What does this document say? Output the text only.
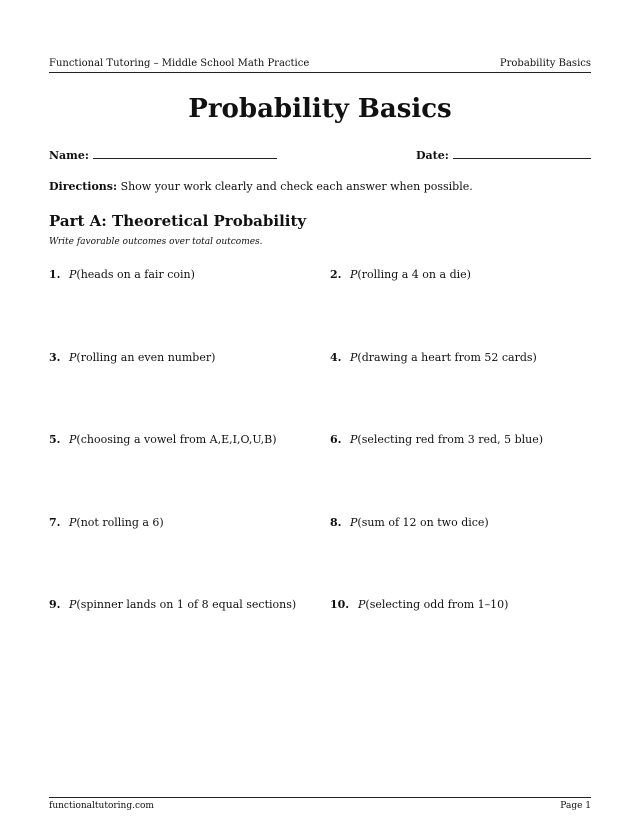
Functional Tutoring – Middle School Math Practice	Probability Basics
Probability Basics
Name:	Date:
Directions: Show your work clearly and check each answer when possible.
Part A: Theoretical Probability
Write favorable outcomes over total outcomes.
1. P(heads on a fair coin)	2. P(rolling a 4 on a die)
3. P(rolling an even number)	4. P(drawing a heart from 52 cards)
5. P(choosing a vowel from A,E,I,O,U,B)	6. P(selecting red from 3 red, 5 blue)
7. P(not rolling a 6)	8. P(sum of 12 on two dice)
9. P(spinner lands on 1 of 8 equal sections)	10. P(selecting odd from 1–10)
functionaltutoring.com	Page 1
